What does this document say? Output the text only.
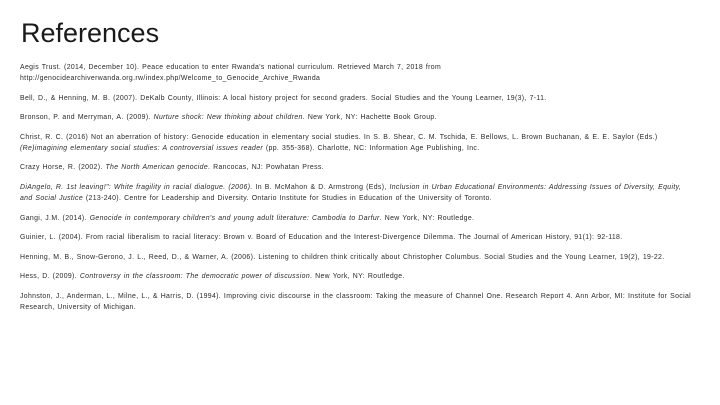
References
Aegis Trust. (2014, December 10). Peace education to enter Rwanda's national curriculum. Retrieved March 7, 2018 from http://genocidearchiverwanda.org.rw/index.php/Welcome_to_Genocide_Archive_Rwanda
Bell, D., & Henning, M. B. (2007). DeKalb County, Illinois: A local history project for second graders. Social Studies and the Young Learner, 19(3), 7-11.
Bronson, P. and Merryman, A. (2009). Nurture shock: New thinking about children. New York, NY: Hachette Book Group.
Christ, R. C. (2016) Not an aberration of history: Genocide education in elementary social studies. In S. B. Shear, C. M. Tschida, E. Bellows, L. Brown Buchanan, & E. E. Saylor (Eds.) (Re)imagining elementary social studies: A controversial issues reader (pp. 355-368). Charlotte, NC: Information Age Publishing, Inc.
Crazy Horse, R. (2002). The North American genocide. Rancocas, NJ: Powhatan Press.
DiAngelo, R. 1st leaving!": White fragility in racial dialogue. (2006). In B. McMahon & D. Armstrong (Eds), Inclusion in Urban Educational Environments: Addressing Issues of Diversity, Equity, and Social Justice (213-240). Centre for Leadership and Diversity. Ontario Institute for Studies in Education of the University of Toronto.
Gangi, J.M. (2014). Genocide in contemporary children's and young adult literature: Cambodia to Darfur. New York, NY: Routledge.
Guinier, L. (2004). From racial liberalism to racial literacy: Brown v. Board of Education and the Interest-Divergence Dilemma. The Journal of American History, 91(1): 92-118.
Henning, M. B., Snow-Gerono, J. L., Reed, D., & Warner, A. (2006). Listening to children think critically about Christopher Columbus. Social Studies and the Young Learner, 19(2), 19-22.
Hess, D. (2009). Controversy in the classroom: The democratic power of discussion. New York, NY: Routledge.
Johnston, J., Anderman, L., Milne, L., & Harris, D. (1994). Improving civic discourse in the classroom: Taking the measure of Channel One. Research Report 4. Ann Arbor, MI: Institute for Social Research, University of Michigan.
